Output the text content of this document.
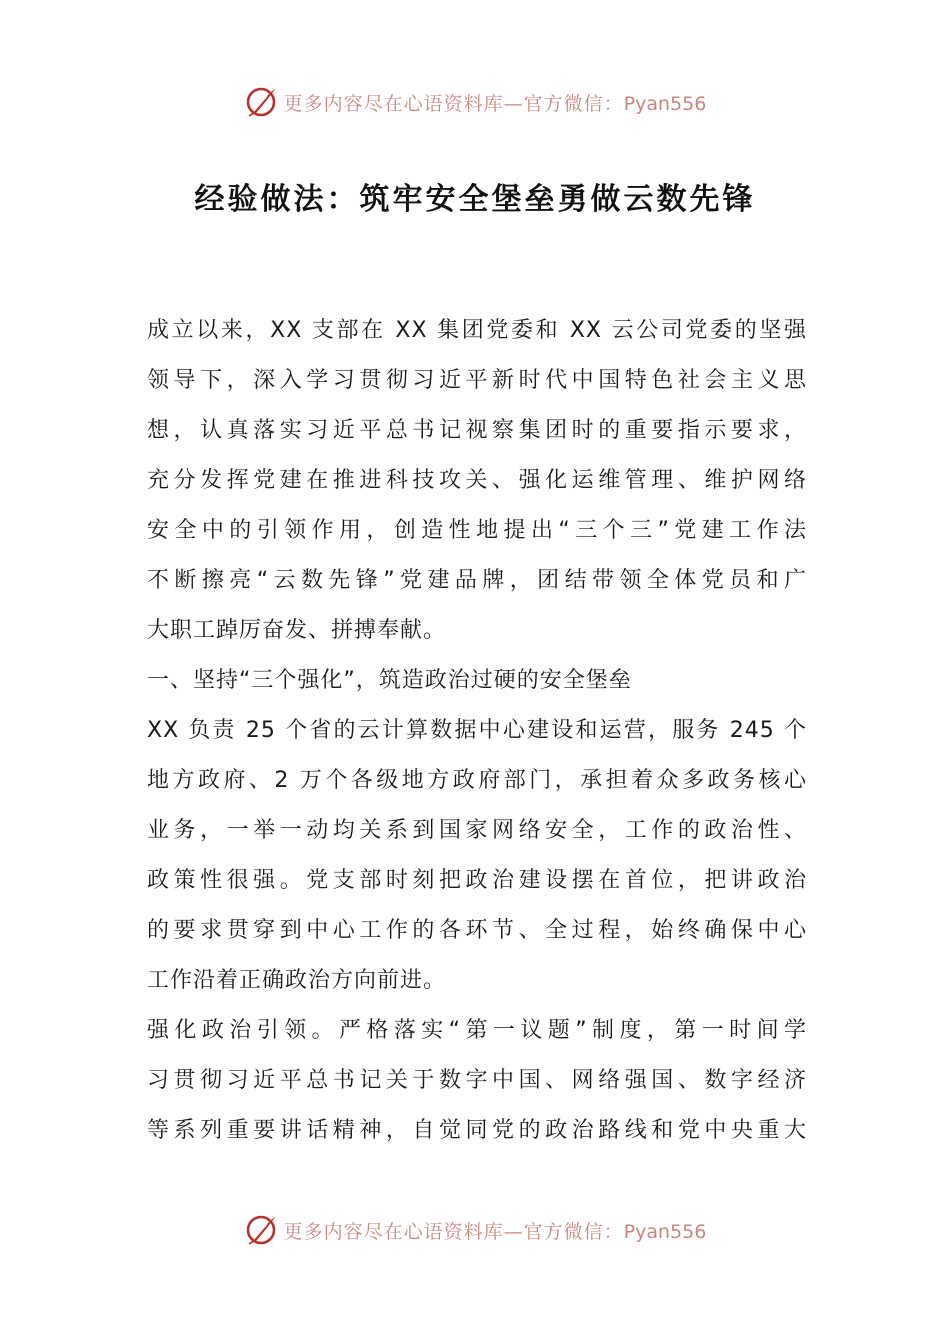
更多内容尽在心语资料库—官方微信：Pyan556
经验做法：筑牢安全堡垒勇做云数先锋
成立以来，XX 支部在 XX 集团党委和 XX 云公司党委的坚强
领导下，深入学习贯彻习近平新时代中国特色社会主义思
想，认真落实习近平总书记视察集团时的重要指示要求，
充分发挥党建在推进科技攻关、强化运维管理、维护网络
安全中的引领作用，创造性地提出“三个三”党建工作法
不断擦亮“云数先锋”党建品牌，团结带领全体党员和广
大职工踔厉奋发、拼搏奉献。
一、坚持“三个强化”，筑造政治过硬的安全堡垒
XX 负责 25 个省的云计算数据中心建设和运营，服务 245 个
地方政府、2 万个各级地方政府部门，承担着众多政务核心
业务，一举一动均关系到国家网络安全，工作的政治性、
政策性很强。党支部时刻把政治建设摆在首位，把讲政治
的要求贯穿到中心工作的各环节、全过程，始终确保中心
工作沿着正确政治方向前进。
强化政治引领。严格落实“第一议题”制度，第一时间学
习贯彻习近平总书记关于数字中国、网络强国、数字经济
等系列重要讲话精神，自觉同党的政治路线和党中央重大
更多内容尽在心语资料库—官方微信：Pyan556
